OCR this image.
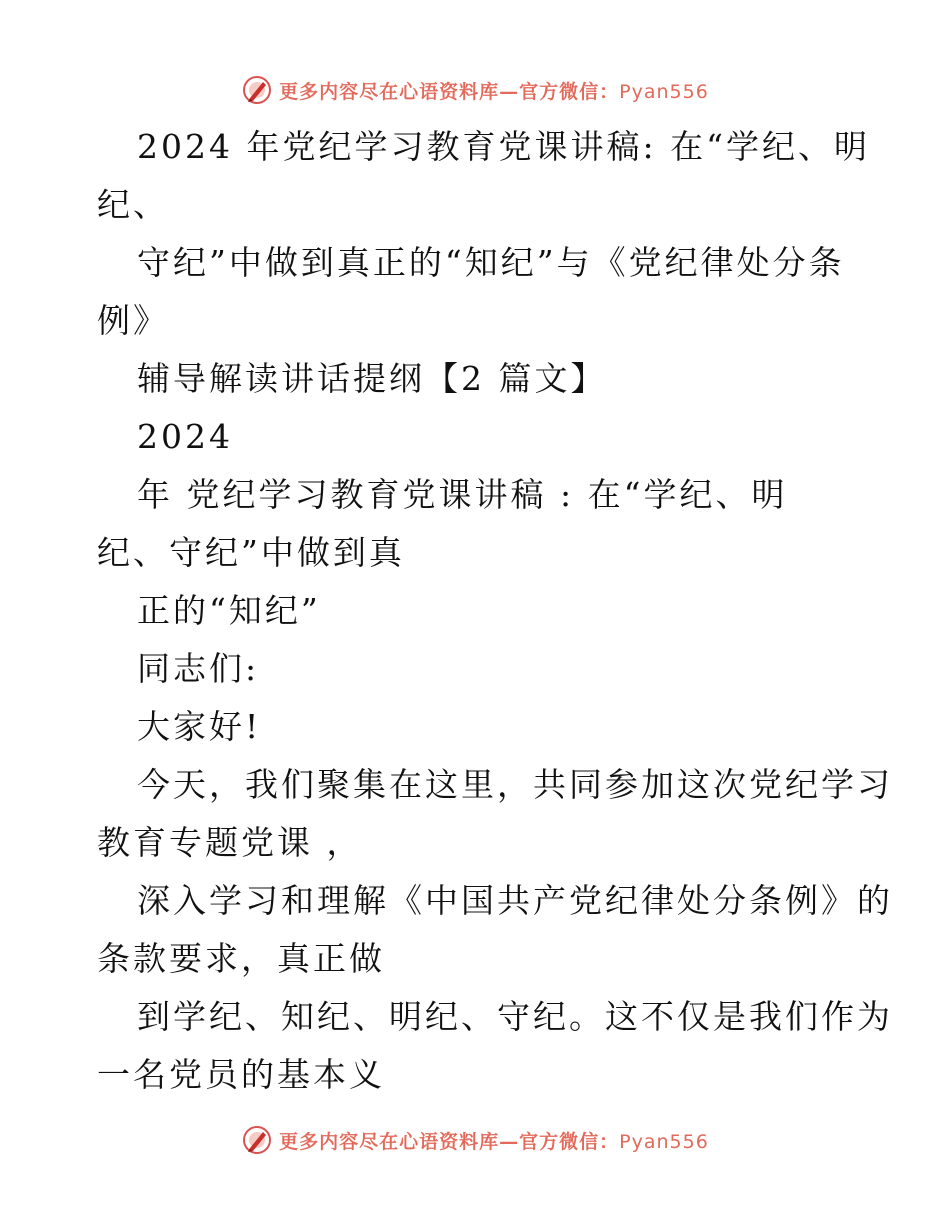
更多内容尽在心语资料库—官方微信：Pyan556
2024 年党纪学习教育党课讲稿: 在“学纪、明
纪、
守纪”中做到真正的“知纪”与《党纪律处分条
例》
辅导解读讲话提纲【2 篇文】
2024
年 党纪学习教育党课讲稿 : 在“学纪、明
纪、守纪”中做到真
正的“知纪”
同志们:
大家好!
今天，我们聚集在这里，共同参加这次党纪学习
教育专题党课 ，
深入学习和理解《中国共产党纪律处分条例》的
条款要求，真正做
到学纪、知纪、明纪、守纪。这不仅是我们作为
一名党员的基本义
更多内容尽在心语资料库—官方微信：Pyan556
